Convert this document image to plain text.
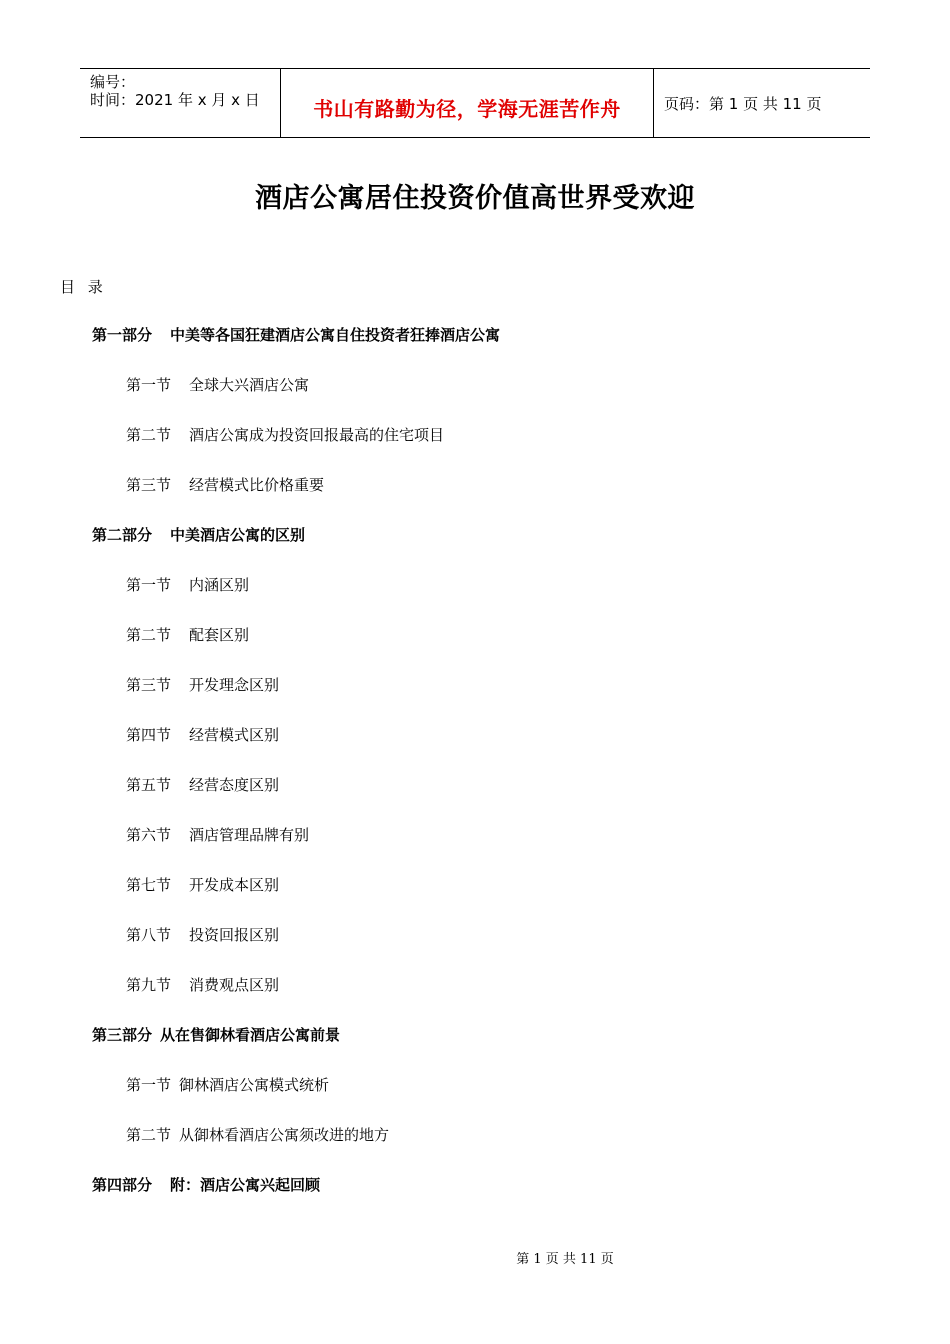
编号：
时间：2021 年 x 月 x 日	书山有路勤为径，学海无涯苦作舟	页码：第 1 页 共 11 页
酒店公寓居住投资价值高世界受欢迎
目 录
第一部分 中美等各国狂建酒店公寓自住投资者狂捧酒店公寓
第一节 全球大兴酒店公寓
第二节 酒店公寓成为投资回报最高的住宅项目
第三节 经营模式比价格重要
第二部分 中美酒店公寓的区别
第一节 内涵区别
第二节 配套区别
第三节 开发理念区别
第四节 经营模式区别
第五节 经营态度区别
第六节 酒店管理品牌有别
第七节 开发成本区别
第八节 投资回报区别
第九节 消费观点区别
第三部分 从在售御林看酒店公寓前景
第一节 御林酒店公寓模式统析
第二节 从御林看酒店公寓须改进的地方
第四部分 附：酒店公寓兴起回顾
第 1 页 共 11 页
